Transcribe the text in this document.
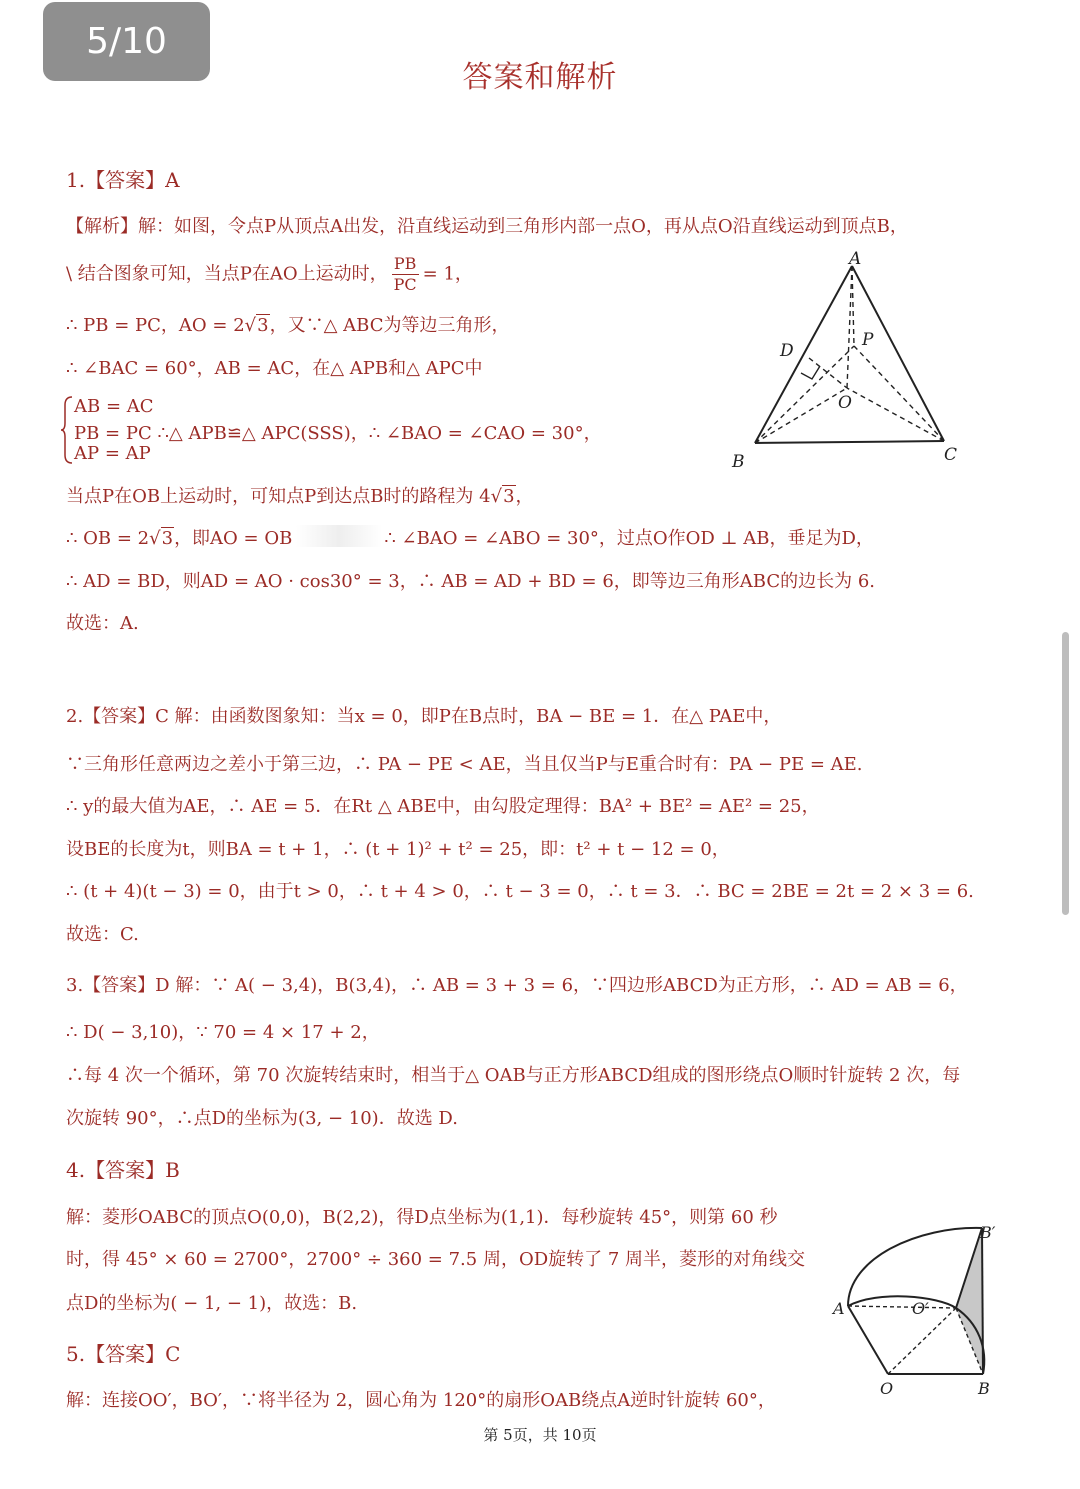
5/10
答案和解析
1.【答案】A
【解析】解：如图，令点P从顶点A出发，沿直线运动到三角形内部一点O，再从点O沿直线运动到顶点B，
\ 结合图象可知，当点P在AO上运动时， $\frac{PB}{PC} = 1$，
∴ PB = PC，AO = 2√3，又∵△ ABC为等边三角形，
∴ ∠BAC = 60°，AB = AC，在△ APB和△ APC中
AB = AC
PB = PC ∴△ APB≌△ APC(SSS)，∴ ∠BAO = ∠CAO = 30°，
AP = AP
当点P在OB上运动时，可知点P到达点B时的路程为 4√3，
∴ OB = 2√3，即AO = OB	∴ ∠BAO = ∠ABO = 30°，过点O作OD ⊥ AB，垂足为D，
∴ AD = BD，则AD = AO · cos30° = 3，∴ AB = AD + BD = 6，即等边三角形ABC的边长为 6.
故选：A.
A
B	C
D
O
P
2.【答案】C 解：由函数图象知：当x = 0，即P在B点时，BA − BE = 1．在△ PAE中，
∵三角形任意两边之差小于第三边，∴ PA − PE < AE，当且仅当P与E重合时有：PA − PE = AE.
∴ y的最大值为AE，∴ AE = 5．在Rt △ ABE中，由勾股定理得：BA² + BE² = AE² = 25，
设BE的长度为t，则BA = t + 1，∴ (t + 1)² + t² = 25，即：t² + t − 12 = 0，
∴ (t + 4)(t − 3) = 0，由于t > 0，∴ t + 4 > 0，∴ t − 3 = 0，∴ t = 3．∴ BC = 2BE = 2t = 2 × 3 = 6.
故选：C.
3.【答案】D 解：∵ A( − 3,4)，B(3,4)，∴ AB = 3 + 3 = 6，∵四边形ABCD为正方形，∴ AD = AB = 6，
∴ D( − 3,10)，∵ 70 = 4 × 17 + 2，
∴每 4 次一个循环，第 70 次旋转结束时，相当于△ OAB与正方形ABCD组成的图形绕点O顺时针旋转 2 次，每
次旋转 90°，∴点D的坐标为(3, − 10)．故选 D.
4.【答案】B
解：菱形OABC的顶点O(0,0)，B(2,2)，得D点坐标为(1,1)．每秒旋转 45°，则第 60 秒
时，得 45° × 60 = 2700°，2700° ÷ 360 = 7.5 周，OD旋转了 7 周半，菱形的对角线交
点D的坐标为( − 1, − 1)，故选：B.
5.【答案】C
解：连接OO′，BO′，∵将半径为 2，圆心角为 120°的扇形OAB绕点A逆时针旋转 60°，
A
B′
O	B
O′
第 5页，共 10页
